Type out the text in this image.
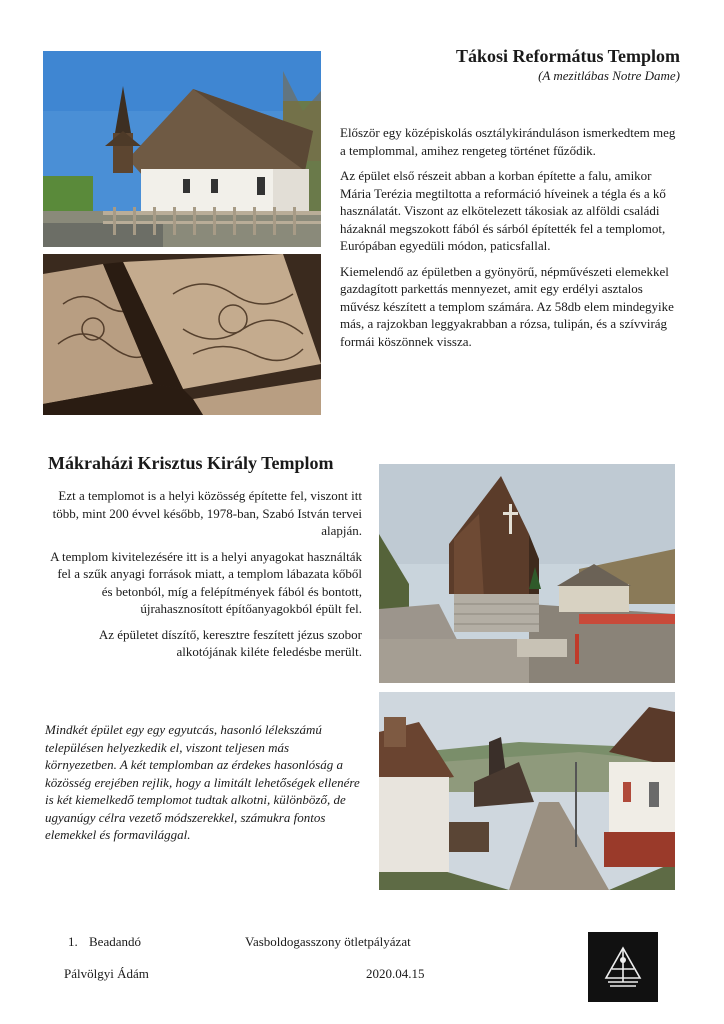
Tákosi Református Templom
(A mezitlábas Notre Dame)

Először egy középiskolás osztálykiránduláson ismerkedtem meg a templommal, amihez rengeteg történet fűződik.

Az épület első részeit abban a korban építette a falu, amikor Mária Terézia megtiltotta a reformáció híveinek a tégla és a kő használatát. Viszont az elkötelezett tákosiak az alföldi családi házaknál megszokott fából és sárból építették fel a templomot, Európában egyedüli módon, paticsfallal.

Kiemelendő az épületben a gyönyörű, népművészeti elemekkel gazdagított parkettás mennyezet, amit egy erdélyi asztalos művész készített a templom számára. Az 58db elem mindegyike más, a rajzokban leggyakrabban a rózsa, tulipán, és a szívvirág formái köszönnek vissza.

Mákraházi Krisztus Király Templom

Ezt a templomot is a helyi közösség építette fel, viszont itt több, mint 200 évvel később, 1978-ban, Szabó István tervei alapján.

A templom kivitelezésére itt is a helyi anyagokat használták fel a szűk anyagi források miatt, a templom lábazata kőből és betonból, míg a felépítmények fából és bontott, újrahasznosított építőanyagokból épült fel.

Az épületet díszítő, keresztre feszített jézus szobor alkotójának kiléte feledésbe merült.

Mindkét épület egy egy egyutcás, hasonló lélekszámú településen helyezkedik el, viszont teljesen más környezetben. A két templomban az érdekes hasonlóság a közösség erejében rejlik, hogy a limitált lehetőségek ellenére is két kiemelkedő templomot tudtak alkotni, különböző, de ugyanúgy célra vezető módszerekkel, számukra fontos elemekkel és formavilággal.
1. Beadandó	Vasboldogasszony ötletpályázat
Pálvölgyi Ádám	2020.04.15
